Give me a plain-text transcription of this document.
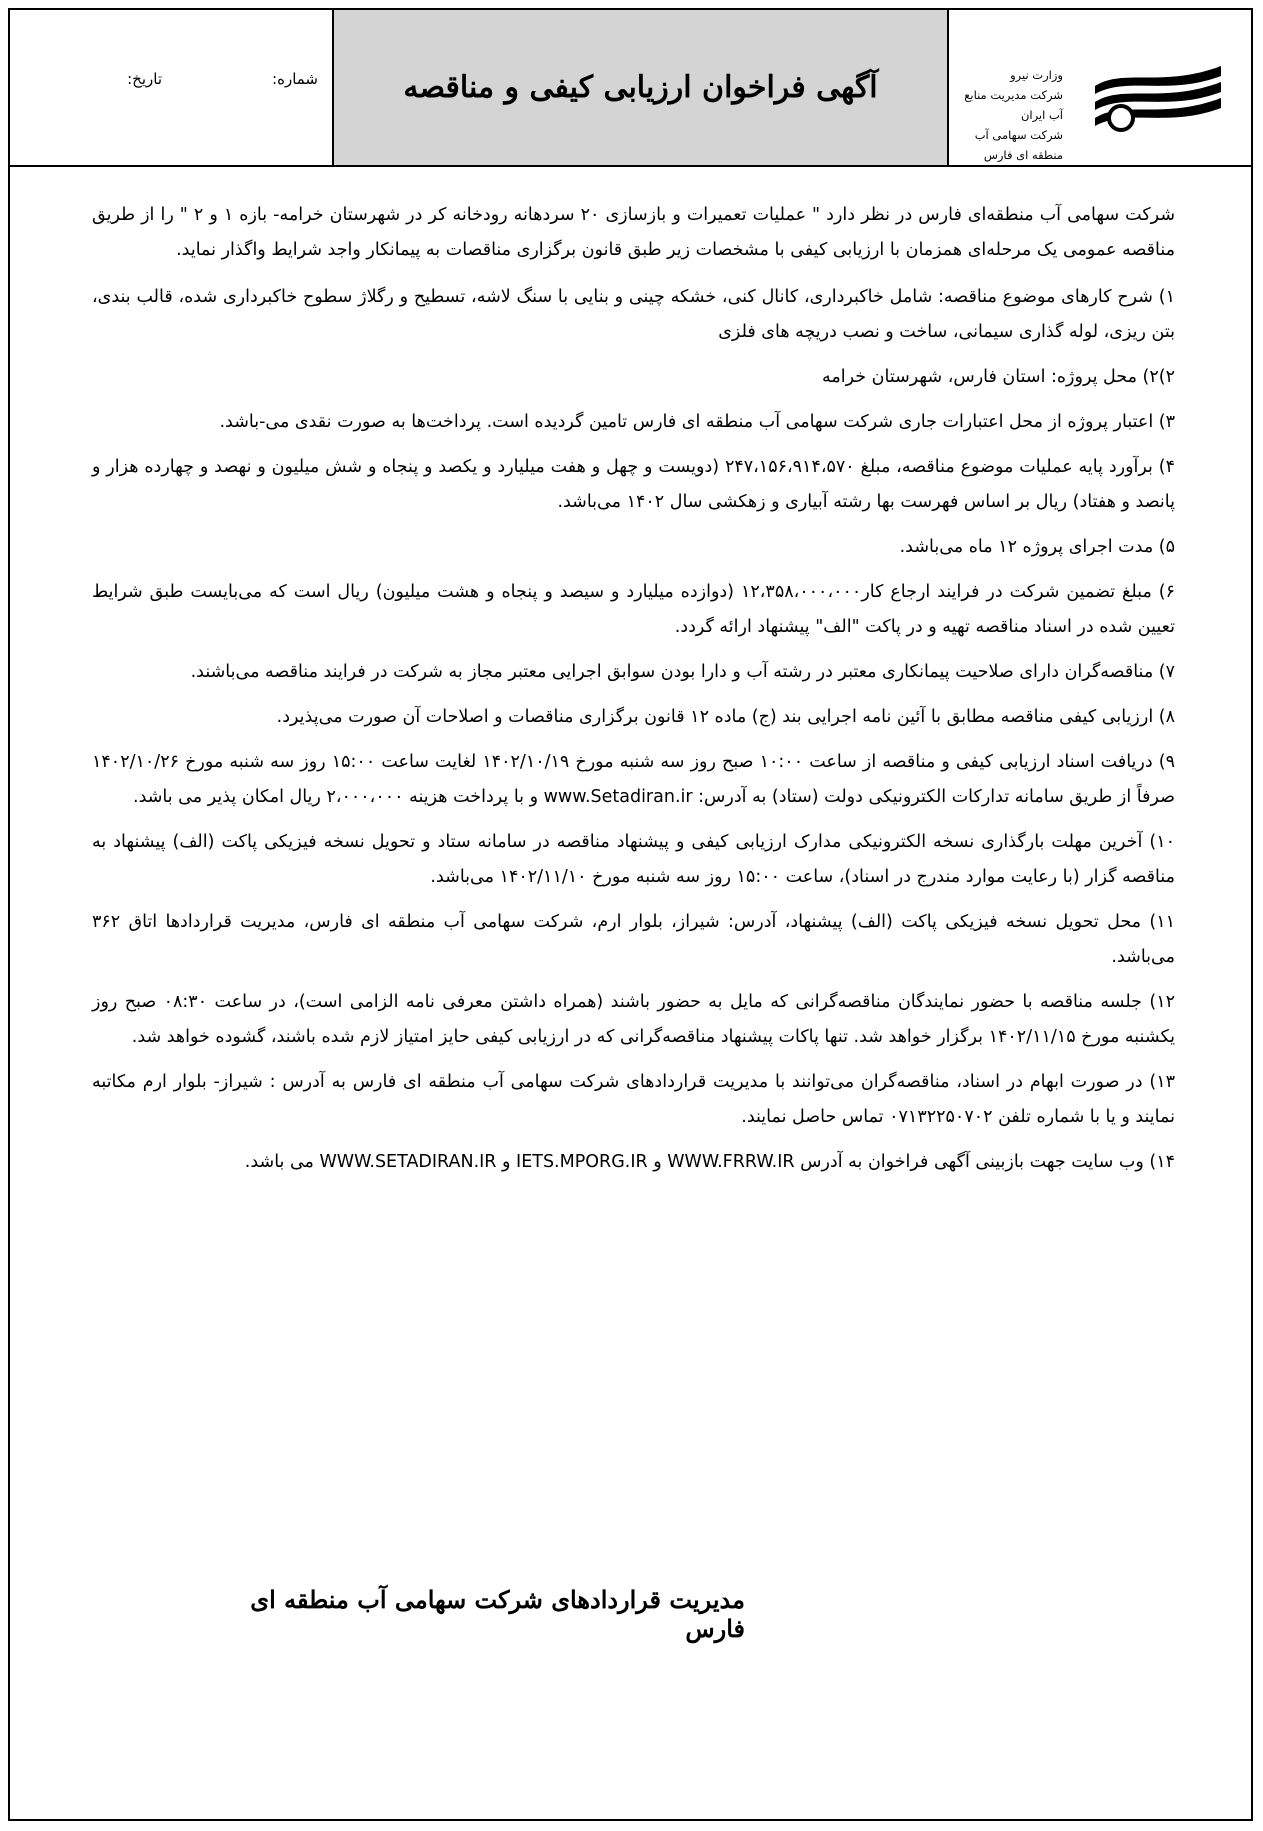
شماره:
تاریخ:	آگهی فراخوان ارزیابی کیفی و مناقصه	وزارت نیرو
شرکت مدیریت منابع آب ایران
شرکت سهامی آب منطقه ای فارس

شرکت سهامی آب منطقه‌ای فارس در نظر دارد " عملیات تعمیرات و بازسازی ۲۰ سردهانه رودخانه کر در شهرستان خرامه- بازه ۱ و ۲ " را از طریق مناقصه عمومی یک مرحله‌ای همزمان با ارزیابی کیفی با مشخصات زیر طبق قانون برگزاری مناقصات به پیمانکار واجد شرایط واگذار نماید.

۱) شرح کارهای موضوع مناقصه: شامل خاکبرداری، کانال کنی، خشکه چینی و بنایی با سنگ لاشه، تسطیح و رگلاژ سطوح خاکبرداری شده، قالب بندی، بتن ریزی، لوله گذاری سیمانی، ساخت و نصب دریچه های فلزی

۲)۲) محل پروژه: استان فارس، شهرستان خرامه

۳) اعتبار پروژه از محل اعتبارات جاری شرکت سهامی آب منطقه ای فارس تامین گردیده است. پرداخت‌ها به صورت نقدی می-باشد.

۴) برآورد پایه عملیات موضوع مناقصه، مبلغ ۲۴۷،۱۵۶،۹۱۴،۵۷۰ (دویست و چهل و هفت میلیارد و یکصد و پنجاه و شش میلیون و نهصد و چهارده هزار و پانصد و هفتاد) ریال بر اساس فهرست بها رشته آبیاری و زهکشی سال ۱۴۰۲ می‌باشد.

۵) مدت اجرای پروژه ۱۲ ماه می‌باشد.

۶) مبلغ تضمین شرکت در فرایند ارجاع کار۱۲،۳۵۸،۰۰۰،۰۰۰ (دوازده میلیارد و سیصد و پنجاه و هشت میلیون) ریال است که می‌بایست طبق شرایط تعیین شده در اسناد مناقصه تهیه و در پاکت "الف" پیشنهاد ارائه گردد.

۷) مناقصه‌گران دارای صلاحیت پیمانکاری معتبر در رشته آب و دارا بودن سوابق اجرایی معتبر مجاز به شرکت در فرایند مناقصه می‌باشند.

۸) ارزیابی کیفی مناقصه مطابق با آئین نامه اجرایی بند (ج) ماده ۱۲ قانون برگزاری مناقصات و اصلاحات آن صورت می‌پذیرد.

۹) دریافت اسناد ارزیابی کیفی و مناقصه از ساعت ۱۰:۰۰ صبح روز سه شنبه مورخ ۱۴۰۲/۱۰/۱۹ لغایت ساعت ۱۵:۰۰ روز سه شنبه مورخ ۱۴۰۲/۱۰/۲۶ صرفاً از طریق سامانه تدارکات الکترونیکی دولت (ستاد) به آدرس: www.Setadiran.ir و با پرداخت هزینه ۲،۰۰۰،۰۰۰ ریال امکان پذیر می باشد.

۱۰) آخرین مهلت بارگذاری نسخه الکترونیکی مدارک ارزیابی کیفی و پیشنهاد مناقصه در سامانه ستاد و تحویل نسخه فیزیکی پاکت (الف) پیشنهاد به مناقصه گزار (با رعایت موارد مندرج در اسناد)، ساعت ۱۵:۰۰ روز سه شنبه مورخ ۱۴۰۲/۱۱/۱۰ می‌باشد.

۱۱) محل تحویل نسخه فیزیکی پاکت (الف) پیشنهاد، آدرس: شیراز، بلوار ارم، شرکت سهامی آب منطقه ای فارس، مدیریت قراردادها اتاق ۳۶۲ می‌باشد.

۱۲) جلسه مناقصه با حضور نمایندگان مناقصه‌گرانی که مایل به حضور باشند (همراه داشتن معرفی نامه الزامی است)، در ساعت ۰۸:۳۰ صبح روز یکشنبه مورخ ۱۴۰۲/۱۱/۱۵ برگزار خواهد شد. تنها پاکات پیشنهاد مناقصه‌گرانی که در ارزیابی کیفی حایز امتیاز لازم شده باشند، گشوده خواهد شد.

۱۳) در صورت ابهام در اسناد، مناقصه‌گران می‌توانند با مدیریت قراردادهای شرکت سهامی آب منطقه ای فارس به آدرس : شیراز- بلوار ارم مکاتبه نمایند و یا با شماره تلفن ۰۷۱۳۲۲۵۰۷۰۲ تماس حاصل نمایند.

۱۴) وب سایت جهت بازبینی آگهی فراخوان به آدرس WWW.FRRW.IR و IETS.MPORG.IR و WWW.SETADIRAN.IR می باشد.

مدیریت قراردادهای شرکت سهامی آب منطقه ای فارس
